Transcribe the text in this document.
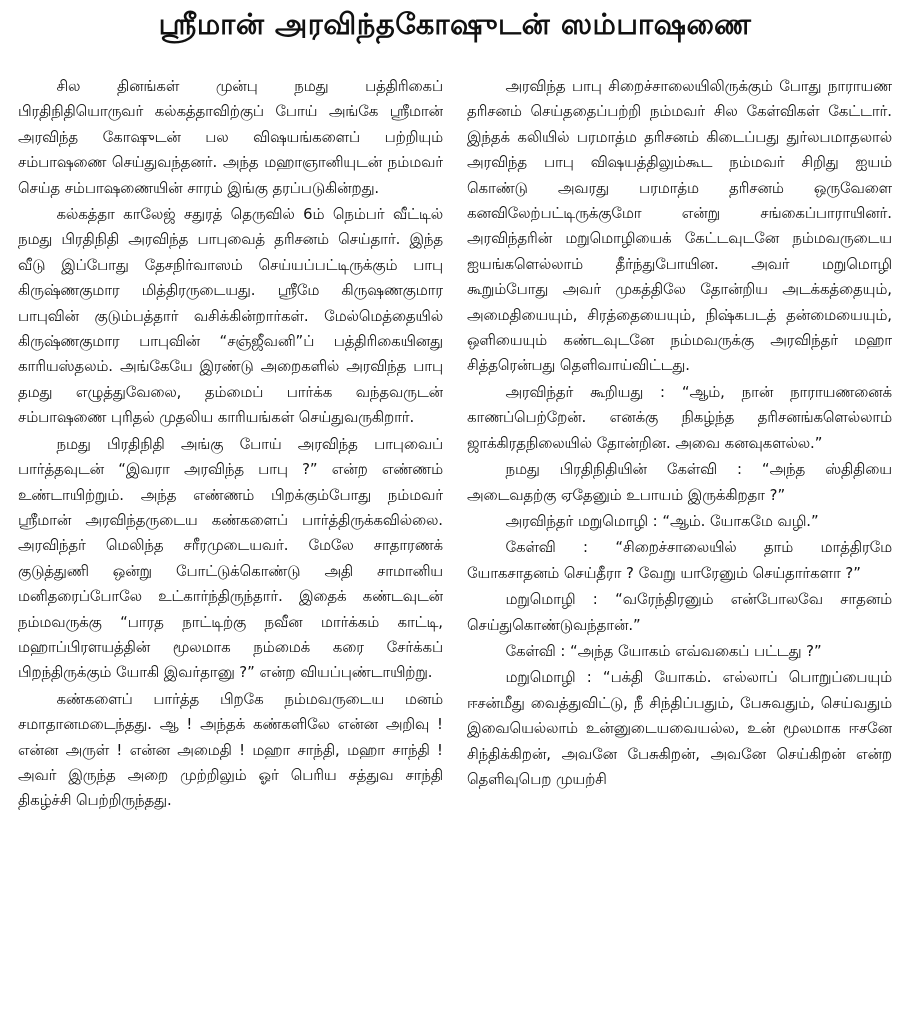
ஸ்ரீமான் அரவிந்தகோஷுடன் ஸம்பாஷணை

சில தினங்கள் முன்பு நமது பத்திரிகைப் பிரதிநிதியொருவர் கல்கத்தாவிற்குப் போய் அங்கே ஸ்ரீமான் அரவிந்த கோஷுடன் பல விஷயங்களைப் பற்றியும் சம்பாஷணை செய்துவந்தனர். அந்த மஹாஞானியுடன் நம்மவர் செய்த சம்பாஷணையின் சாரம் இங்கு தரப்படுகின்றது.

கல்கத்தா காலேஜ் சதுரத் தெருவில் 6ம் நெம்பர் வீட்டில் நமது பிரதிநிதி அரவிந்த பாபுவைத் தரிசனம் செய்தார். இந்த வீடு இப்போது தேசநிர்வாஸம் செய்யப்பட்டிருக்கும் பாபு கிருஷ்ணகுமார மித்திரருடையது. ஸ்ரீமே கிருஷணகுமார பாபுவின் குடும்பத்தார் வசிக்கின்றார்கள். மேல்மெத்தையில் கிருஷ்ணகுமார பாபுவின் “சஞ்ஜீவனி”ப் பத்திரிகையினது காரியஸ்தலம். அங்கேயே இரண்டு அறைகளில் அரவிந்த பாபு தமது எழுத்துவேலை, தம்மைப் பார்க்க வந்தவருடன் சம்பாஷணை புரிதல் முதலிய காரியங்கள் செய்துவருகிறார்.

நமது பிரதிநிதி அங்கு போய் அரவிந்த பாபுவைப் பார்த்தவுடன் “இவரா அரவிந்த பாபு ?” என்ற எண்ணம் உண்டாயிற்றும். அந்த எண்ணம் பிறக்கும்போது நம்மவர் ஸ்ரீமான் அரவிந்தருடைய கண்களைப் பார்த்திருக்கவில்லை. அரவிந்தர் மெலிந்த சரீரமுடையவர். மேலே சாதாரணக் குடுத்துணி ஒன்று போட்டுக்கொண்டு அதி சாமானிய மனிதரைப்போலே உட்கார்ந்திருந்தார். இதைக் கண்டவுடன் நம்மவருக்கு “பாரத நாட்டிற்கு நவீன மார்க்கம் காட்டி, மஹாப்பிரளயத்தின் மூலமாக நம்மைக் கரை சேர்க்கப் பிறந்திருக்கும் யோகி இவர்தானு ?” என்ற வியப்புண்டாயிற்று.

கண்களைப் பார்த்த பிறகே நம்மவருடைய மனம் சமாதானமடைந்தது. ஆ ! அந்தக் கண்களிலே என்ன அறிவு ! என்ன அருள் ! என்ன அமைதி ! மஹா சாந்தி, மஹா சாந்தி ! அவர் இருந்த அறை முற்றிலும் ஓர் பெரிய சத்துவ சாந்தி திகழ்ச்சி பெற்றிருந்தது.

அரவிந்த பாபு சிறைச்சாலையிலிருக்கும் போது நாராயண தரிசனம் செய்ததைப்பற்றி நம்மவர் சில கேள்விகள் கேட்டார். இந்தக் கலியில் பரமாத்ம தரிசனம் கிடைப்பது துர்லபமாதலால் அரவிந்த பாபு விஷயத்திலும்கூட நம்மவர் சிறிது ஐயம் கொண்டு அவரது பரமாத்ம தரிசனம் ஒருவேளை கனவிலேற்பட்டிருக்குமோ என்று சங்கைப்பாராயினர். அரவிந்தரின் மறுமொழியைக் கேட்டவுடனே நம்மவருடைய ஐயங்களெல்லாம் தீர்ந்துபோயின. அவர் மறுமொழி கூறும்போது அவர் முகத்திலே தோன்றிய அடக்கத்தையும், அமைதியையும், சிரத்தையையும், நிஷ்கபடத் தன்மையையும், ஒளியையும் கண்டவுடனே நம்மவருக்கு அரவிந்தர் மஹா சித்தரென்பது தெளிவாய்விட்டது.

அரவிந்தர் கூறியது : “ஆம், நான் நாராயணனைக் காணப்பெற்றேன். எனக்கு நிகழ்ந்த தரிசனங்களெல்லாம் ஜாக்கிரதநிலையில் தோன்றின. அவை கனவுகளல்ல.”

நமது பிரதிநிதியின் கேள்வி : “அந்த ஸ்திதியை அடைவதற்கு ஏதேனும் உபாயம் இருக்கிறதா ?”

அரவிந்தர் மறுமொழி : “ஆம். யோகமே வழி.”

கேள்வி : “சிறைச்சாலையில் தாம் மாத்திரமே யோகசாதனம் செய்தீரா ? வேறு யாரேனும் செய்தார்களா ?”

மறுமொழி : “வரேந்திரனும் என்போலவே சாதனம் செய்துகொண்டுவந்தான்.”

கேள்வி : “அந்த யோகம் எவ்வகைப் பட்டது ?”

மறுமொழி : “பக்தி யோகம். எல்லாப் பொறுப்பையும் ஈசன்மீது வைத்துவிட்டு, நீ சிந்திப்பதும், பேசுவதும், செய்வதும் இவையெல்லாம் உன்னுடையவையல்ல, உன் மூலமாக ஈசனே சிந்திக்கிறன், அவனே பேசுகிறன், அவனே செய்கிறன் என்ற தெளிவுபெற முயற்சி
